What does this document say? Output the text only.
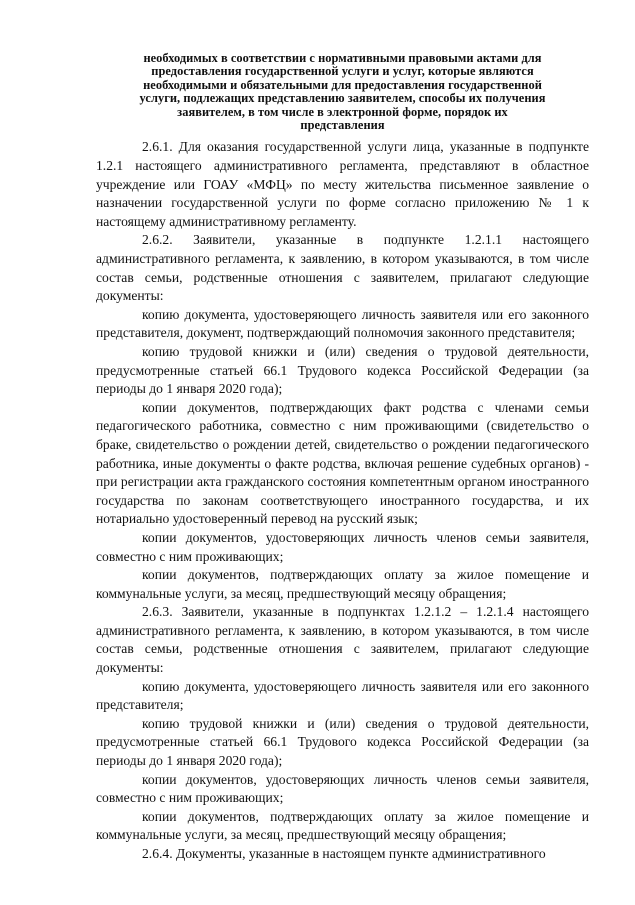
необходимых в соответствии с нормативными правовыми актами для
предоставления государственной услуги и услуг, которые являются
необходимыми и обязательными для предоставления государственной
услуги, подлежащих представлению заявителем, способы их получения
заявителем, в том числе в электронной форме, порядок их
представления

2.6.1. Для оказания государственной услуги лица, указанные в подпункте 1.2.1 настоящего административного регламента, представляют в областное учреждение или ГОАУ «МФЦ» по месту жительства письменное заявление о назначении государственной услуги по форме согласно приложению № 1 к настоящему административному регламенту.

2.6.2. Заявители, указанные в подпункте 1.2.1.1 настоящего административного регламента, к заявлению, в котором указываются, в том числе состав семьи, родственные отношения с заявителем, прилагают следующие документы:

копию документа, удостоверяющего личность заявителя или его законного представителя, документ, подтверждающий полномочия законного представителя;

копию трудовой книжки и (или) сведения о трудовой деятельности, предусмотренные статьей 66.1 Трудового кодекса Российской Федерации (за периоды до 1 января 2020 года);

копии документов, подтверждающих факт родства с членами семьи педагогического работника, совместно с ним проживающими (свидетельство о браке, свидетельство о рождении детей, свидетельство о рождении педагогического работника, иные документы о факте родства, включая решение судебных органов) - при регистрации акта гражданского состояния компетентным органом иностранного государства по законам соответствующего иностранного государства, и их нотариально удостоверенный перевод на русский язык;

копии документов, удостоверяющих личность членов семьи заявителя, совместно с ним проживающих;

копии документов, подтверждающих оплату за жилое помещение и коммунальные услуги, за месяц, предшествующий месяцу обращения;

2.6.3. Заявители, указанные в подпунктах 1.2.1.2 – 1.2.1.4 настоящего административного регламента, к заявлению, в котором указываются, в том числе состав семьи, родственные отношения с заявителем, прилагают следующие документы:

копию документа, удостоверяющего личность заявителя или его законного представителя;

копию трудовой книжки и (или) сведения о трудовой деятельности, предусмотренные статьей 66.1 Трудового кодекса Российской Федерации (за периоды до 1 января 2020 года);

копии документов, удостоверяющих личность членов семьи заявителя, совместно с ним проживающих;

копии документов, подтверждающих оплату за жилое помещение и коммунальные услуги, за месяц, предшествующий месяцу обращения;

2.6.4. Документы, указанные в настоящем пункте административного
